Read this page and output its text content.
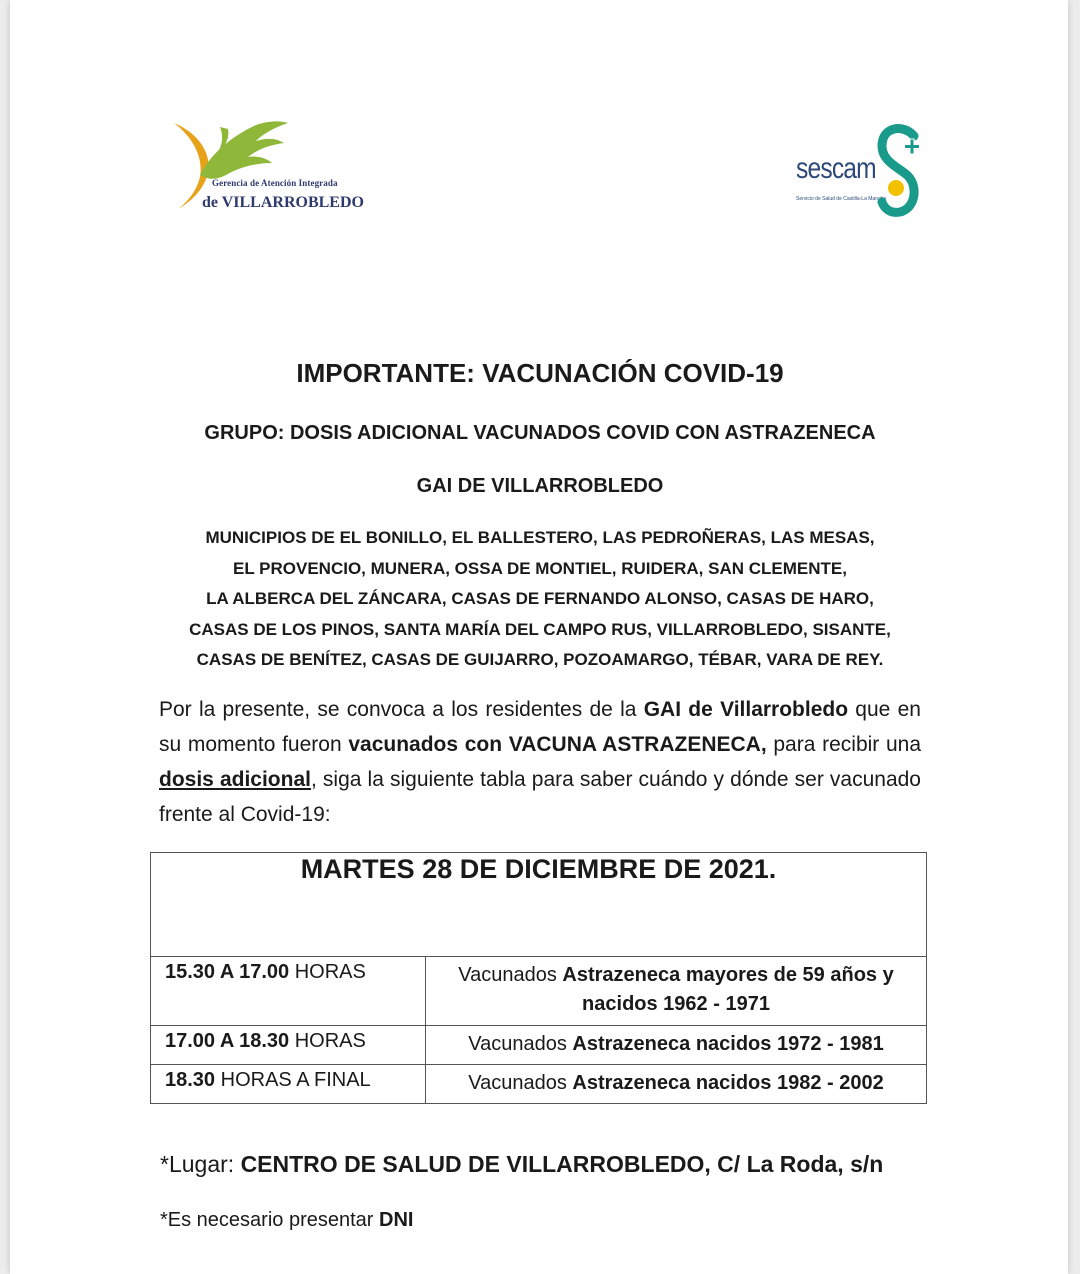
Gerencia de Atención Integrada
de VILLARROBLEDO
sescam
Servicio de Salud de Castilla-La Mancha
IMPORTANTE: VACUNACIÓN COVID-19
GRUPO: DOSIS ADICIONAL VACUNADOS COVID CON ASTRAZENECA
GAI DE VILLARROBLEDO
MUNICIPIOS DE EL BONILLO, EL BALLESTERO, LAS PEDROÑERAS, LAS MESAS,
EL PROVENCIO, MUNERA, OSSA DE MONTIEL, RUIDERA, SAN CLEMENTE,
LA ALBERCA DEL ZÁNCARA, CASAS DE FERNANDO ALONSO, CASAS DE HARO,
CASAS DE LOS PINOS, SANTA MARÍA DEL CAMPO RUS, VILLARROBLEDO, SISANTE,
CASAS DE BENÍTEZ, CASAS DE GUIJARRO, POZOAMARGO, TÉBAR, VARA DE REY.
Por la presente, se convoca a los residentes de la GAI de Villarrobledo que en su momento fueron vacunados con VACUNA ASTRAZENECA, para recibir una dosis adicional, siga la siguiente tabla para saber cuándo y dónde ser vacunado frente al Covid-19:
MARTES 28 DE DICIEMBRE DE 2021.	
15.30 A 17.00 HORAS	Vacunados Astrazeneca mayores de 59 años y nacidos 1962 - 1971
17.00 A 18.30 HORAS	Vacunados Astrazeneca nacidos 1972 - 1981
18.30 HORAS A FINAL	Vacunados Astrazeneca nacidos 1982 - 2002
*Lugar: CENTRO DE SALUD DE VILLARROBLEDO, C/ La Roda, s/n
*Es necesario presentar DNI
